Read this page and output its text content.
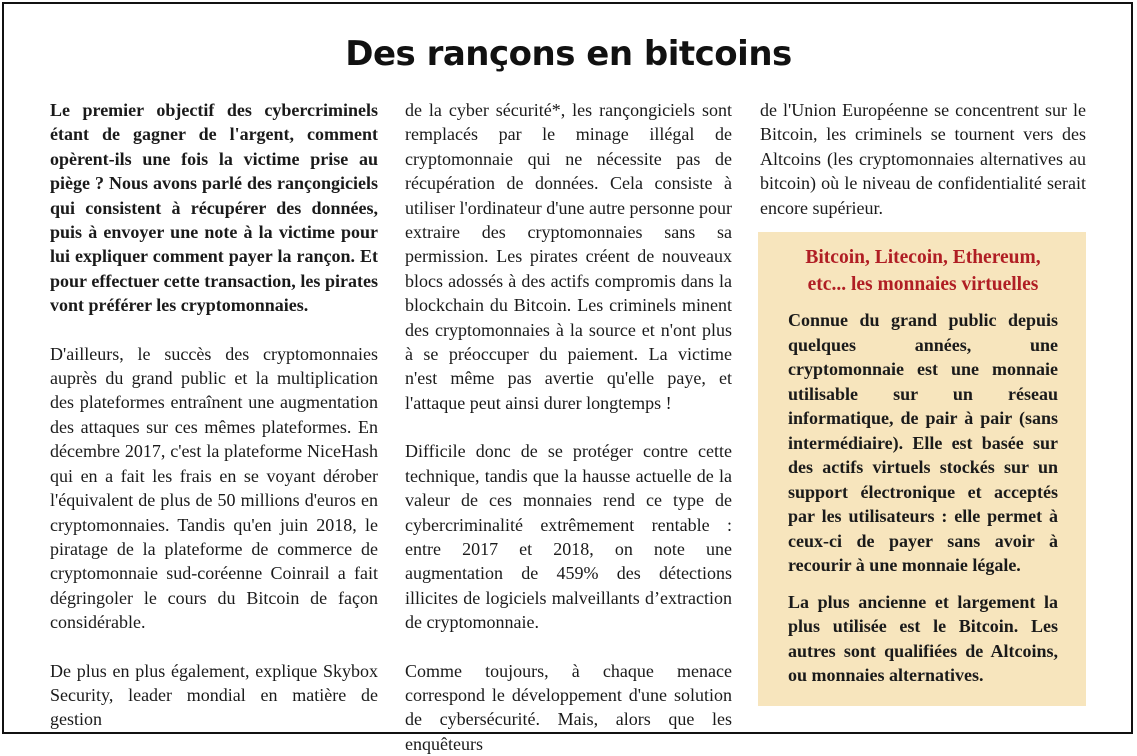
Des rançons en bitcoins

Le premier objectif des cybercriminels étant de gagner de l'argent, comment opèrent-ils une fois la victime prise au piège ? Nous avons parlé des rançongiciels qui consistent à récupérer des données, puis à envoyer une note à la victime pour lui expliquer comment payer la rançon. Et pour effectuer cette transaction, les pirates vont préférer les cryptomonnaies.

D'ailleurs, le succès des cryptomonnaies auprès du grand public et la multiplication des plateformes entraînent une augmentation des attaques sur ces mêmes plateformes. En décembre 2017, c'est la plateforme NiceHash qui en a fait les frais en se voyant dérober l'équivalent de plus de 50 millions d'euros en cryptomonnaies. Tandis qu'en juin 2018, le piratage de la plateforme de commerce de cryptomonnaie sud-coréenne Coinrail a fait dégringoler le cours du Bitcoin de façon considérable.

De plus en plus également, explique Skybox Security, leader mondial en matière de gestion

de la cyber sécurité*, les rançongiciels sont remplacés par le minage illégal de cryptomonnaie qui ne nécessite pas de récupération de données. Cela consiste à utiliser l'ordinateur d'une autre personne pour extraire des cryptomonnaies sans sa permission. Les pirates créent de nouveaux blocs adossés à des actifs compromis dans la blockchain du Bitcoin. Les criminels minent des cryptomonnaies à la source et n'ont plus à se préoccuper du paiement. La victime n'est même pas avertie qu'elle paye, et l'attaque peut ainsi durer longtemps !

Difficile donc de se protéger contre cette technique, tandis que la hausse actuelle de la valeur de ces monnaies rend ce type de cybercriminalité extrêmement rentable : entre 2017 et 2018, on note une augmentation de 459% des détections illicites de logiciels malveillants d’extraction de cryptomonnaie.

Comme toujours, à chaque menace correspond le développement d'une solution de cybersécurité. Mais, alors que les enquêteurs

de l'Union Européenne se concentrent sur le Bitcoin, les criminels se tournent vers des Altcoins (les cryptomonnaies alternatives au bitcoin) où le niveau de confidentialité serait encore supérieur.

Bitcoin, Litecoin, Ethereum, etc... les monnaies virtuelles

Connue du grand public depuis quelques années, une cryptomonnaie est une monnaie utilisable sur un réseau informatique, de pair à pair (sans intermédiaire). Elle est basée sur des actifs virtuels stockés sur un support électronique et acceptés par les utilisateurs : elle permet à ceux-ci de payer sans avoir à recourir à une monnaie légale.

La plus ancienne et largement la plus utilisée est le Bitcoin. Les autres sont qualifiées de Altcoins, ou monnaies alternatives.
